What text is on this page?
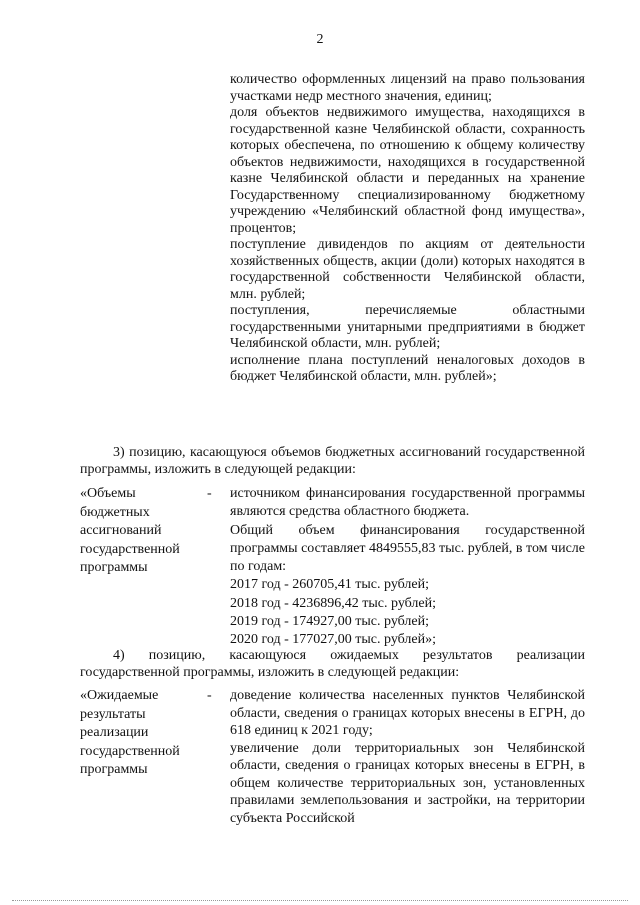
2

количество оформленных лицензий на право пользования участками недр местного значения, единиц;

доля объектов недвижимого имущества, находящихся в государственной казне Челябинской области, сохранность которых обеспечена, по отношению к общему количеству объектов недвижимости, находящихся в государственной казне Челябинской области и переданных на хранение Государственному специализированному бюджетному учреждению «Челябинский областной фонд имущества», процентов;

поступление дивидендов по акциям от деятельности хозяйственных обществ, акции (доли) которых находятся в государственной собственности Челябинской области, млн. рублей;

поступления, перечисляемые областными государственными унитарными предприятиями в бюджет Челябинской области, млн. рублей;

исполнение плана поступлений неналоговых доходов в бюджет Челябинской области, млн. рублей»;

3) позицию, касающуюся объемов бюджетных ассигнований государственной программы, изложить в следующей редакции:
«Объемы бюджетных ассигнований государственной программы
-	источником финансирования государственной программы являются средства областного бюджета.

Общий объем финансирования государственной программы составляет 4849555,83 тыс. рублей, в том числе по годам:

2017 год - 260705,41 тыс. рублей;

2018 год - 4236896,42 тыс. рублей;

2019 год - 174927,00 тыс. рублей;

2020 год - 177027,00 тыс. рублей»;

4) позицию, касающуюся ожидаемых результатов реализации государственной программы, изложить в следующей редакции:
«Ожидаемые результаты реализации государственной программы
-	доведение количества населенных пунктов Челябинской области, сведения о границах которых внесены в ЕГРН, до 618 единиц к 2021 году;

увеличение доли территориальных зон Челябинской области, сведения о границах которых внесены в ЕГРН, в общем количестве территориальных зон, установленных правилами землепользования и застройки, на территории субъекта Российской
